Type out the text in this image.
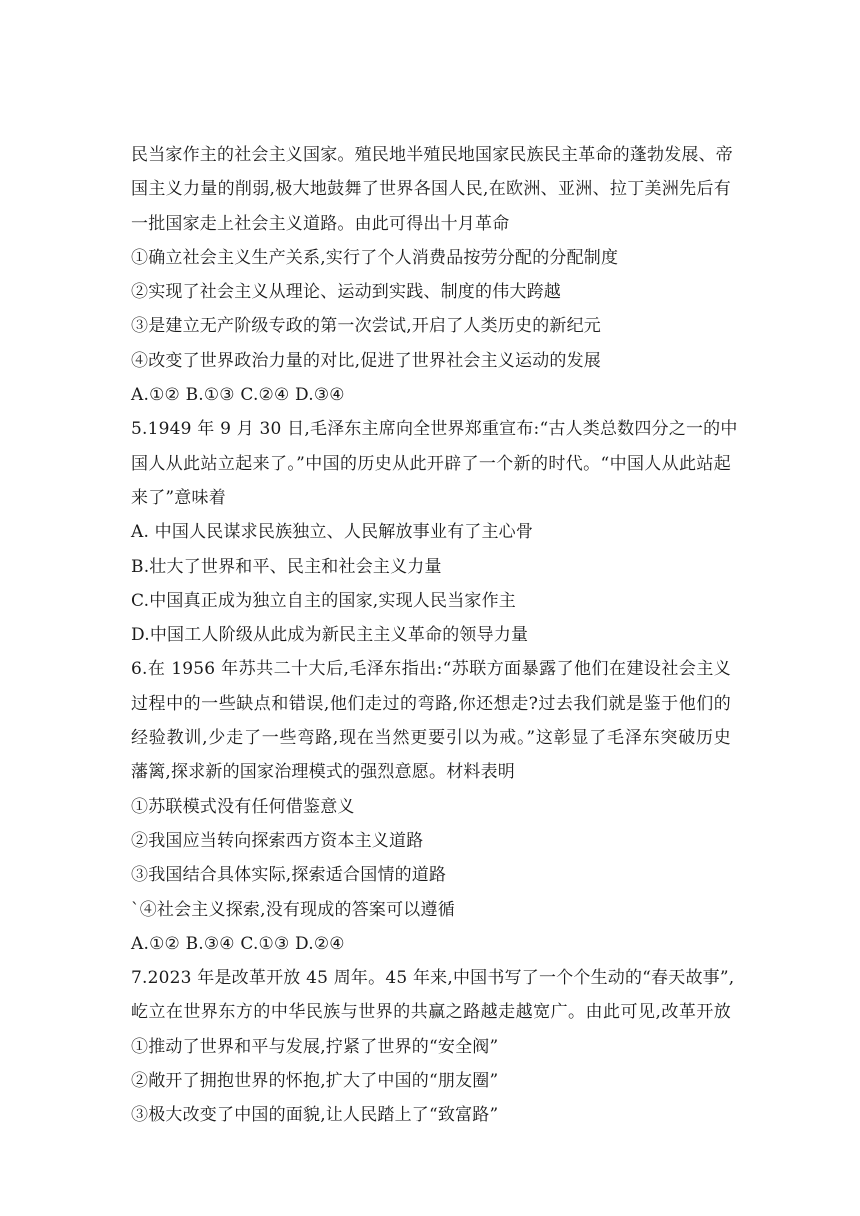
民当家作主的社会主义国家。殖民地半殖民地国家民族民主革命的蓬勃发展、帝
国主义力量的削弱,极大地鼓舞了世界各国人民,在欧洲、亚洲、拉丁美洲先后有
一批国家走上社会主义道路。由此可得出十月革命
①确立社会主义生产关系,实行了个人消费品按劳分配的分配制度
②实现了社会主义从理论、运动到实践、制度的伟大跨越
③是建立无产阶级专政的第一次尝试,开启了人类历史的新纪元
④改变了世界政治力量的对比,促进了世界社会主义运动的发展
A.①② B.①③ C.②④ D.③④
5.1949 年 9 月 30 日,毛泽东主席向全世界郑重宣布:“古人类总数四分之一的中
国人从此站立起来了。”中国的历史从此开辟了一个新的时代。“中国人从此站起
来了”意味着
A. 中国人民谋求民族独立、人民解放事业有了主心骨
B.壮大了世界和平、民主和社会主义力量
C.中国真正成为独立自主的国家,实现人民当家作主
D.中国工人阶级从此成为新民主主义革命的领导力量
6.在 1956 年苏共二十大后,毛泽东指出:“苏联方面暴露了他们在建设社会主义
过程中的一些缺点和错误,他们走过的弯路,你还想走?过去我们就是鉴于他们的
经验教训,少走了一些弯路,现在当然更要引以为戒。”这彰显了毛泽东突破历史
藩篱,探求新的国家治理模式的强烈意愿。材料表明
①苏联模式没有任何借鉴意义
②我国应当转向探索西方资本主义道路
③我国结合具体实际,探索适合国情的道路
`④社会主义探索,没有现成的答案可以遵循
A.①② B.③④ C.①③ D.②④
7.2023 年是改革开放 45 周年。45 年来,中国书写了一个个生动的“春天故事”,
屹立在世界东方的中华民族与世界的共赢之路越走越宽广。由此可见,改革开放
①推动了世界和平与发展,拧紧了世界的“安全阀”
②敞开了拥抱世界的怀抱,扩大了中国的“朋友圈”
③极大改变了中国的面貌,让人民踏上了“致富路”
